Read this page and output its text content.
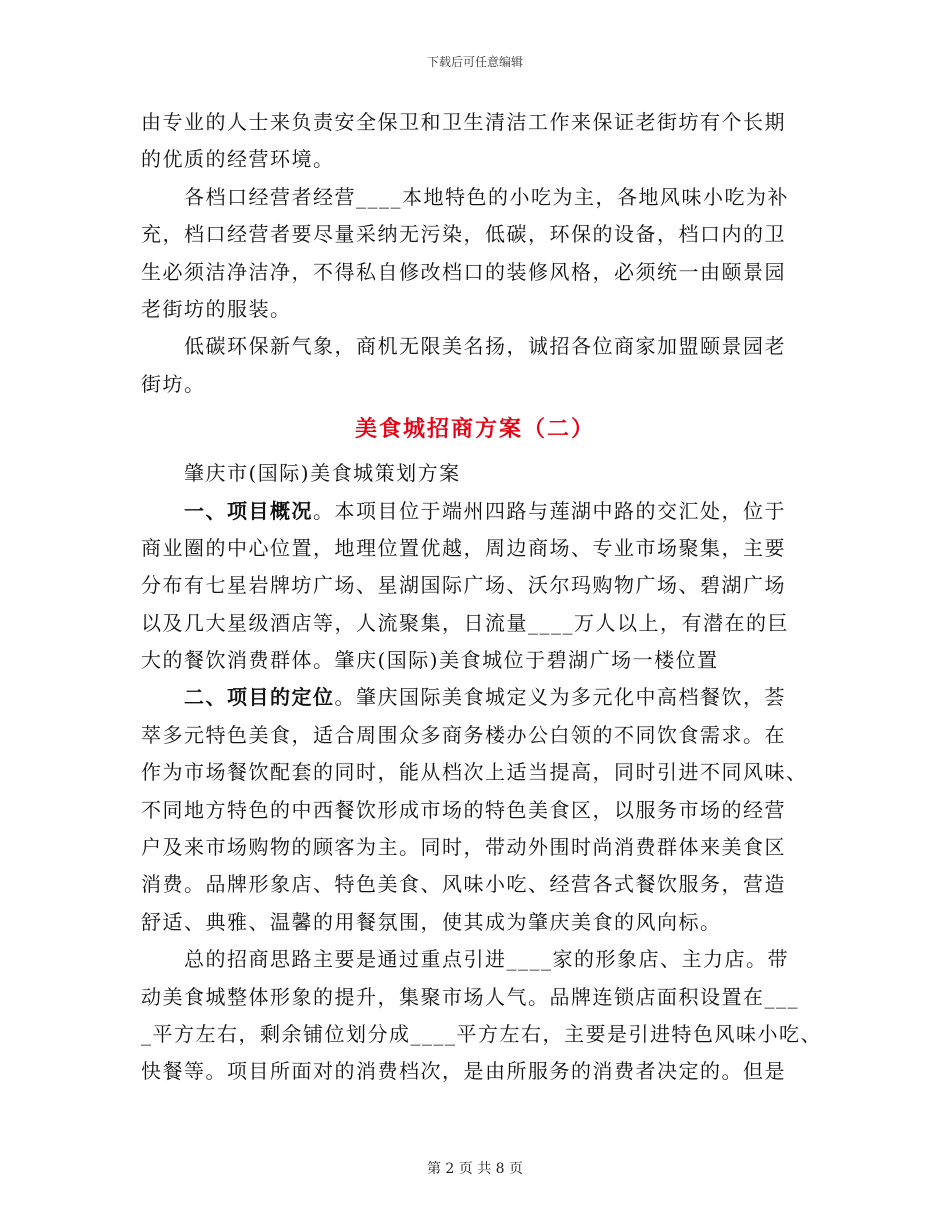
下载后可任意编辑
由专业的人士来负责安全保卫和卫生清洁工作来保证老街坊有个长期
的优质的经营环境。
　　各档口经营者经营____本地特色的小吃为主，各地风味小吃为补
充，档口经营者要尽量采纳无污染，低碳，环保的设备，档口内的卫
生必须洁净洁净，不得私自修改档口的装修风格，必须统一由颐景园
老街坊的服装。
　　低碳环保新气象，商机无限美名扬，诚招各位商家加盟颐景园老
街坊。
美食城招商方案（二）
　　肇庆市(国际)美食城策划方案
　　一、项目概况。本项目位于端州四路与莲湖中路的交汇处，位于
商业圈的中心位置，地理位置优越，周边商场、专业市场聚集，主要
分布有七星岩牌坊广场、星湖国际广场、沃尔玛购物广场、碧湖广场
以及几大星级酒店等，人流聚集，日流量____万人以上，有潜在的巨
大的餐饮消费群体。肇庆(国际)美食城位于碧湖广场一楼位置
　　二、项目的定位。肇庆国际美食城定义为多元化中高档餐饮，荟
萃多元特色美食，适合周围众多商务楼办公白领的不同饮食需求。在
作为市场餐饮配套的同时，能从档次上适当提高，同时引进不同风味、
不同地方特色的中西餐饮形成市场的特色美食区，以服务市场的经营
户及来市场购物的顾客为主。同时，带动外围时尚消费群体来美食区
消费。品牌形象店、特色美食、风味小吃、经营各式餐饮服务，营造
舒适、典雅、温馨的用餐氛围，使其成为肇庆美食的风向标。
　　总的招商思路主要是通过重点引进____家的形象店、主力店。带
动美食城整体形象的提升，集聚市场人气。品牌连锁店面积设置在___
_平方左右，剩余铺位划分成____平方左右，主要是引进特色风味小吃、
快餐等。项目所面对的消费档次，是由所服务的消费者决定的。但是
第 2 页 共 8 页
